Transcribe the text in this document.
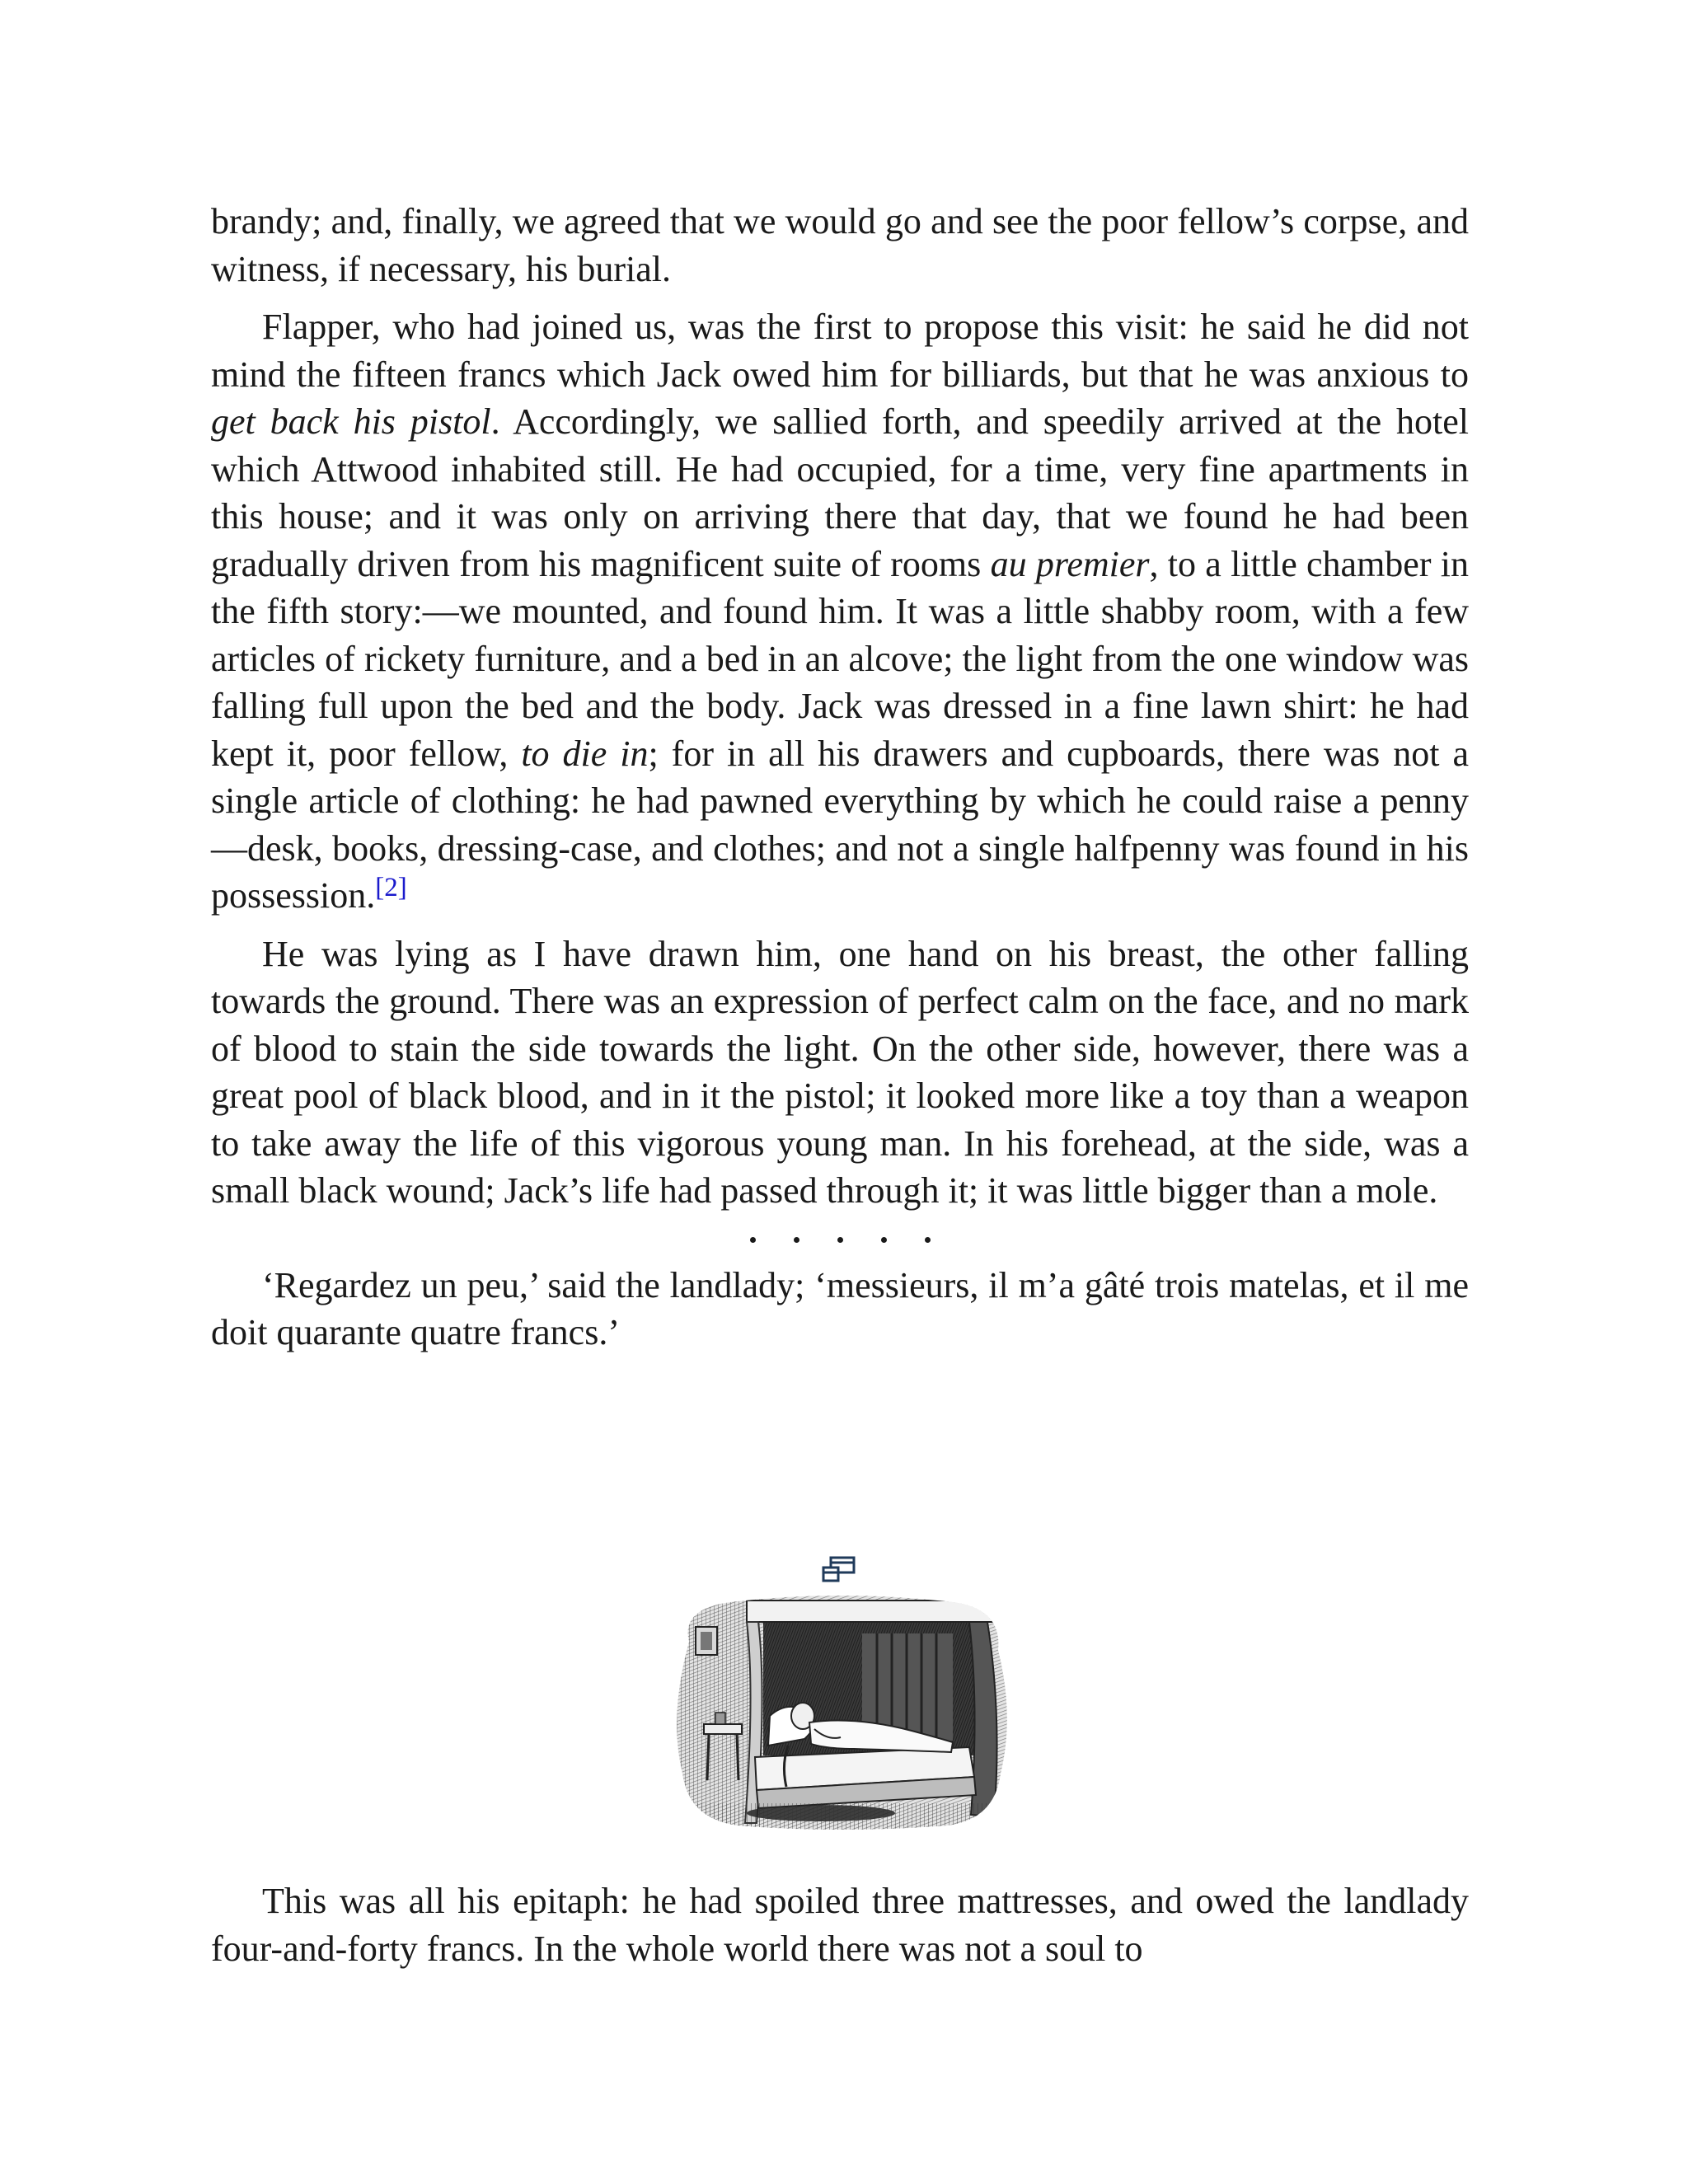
brandy; and, finally, we agreed that we would go and see the poor fellow’s corpse, and witness, if necessary, his burial.

Flapper, who had joined us, was the first to propose this visit: he said he did not mind the fifteen francs which Jack owed him for billiards, but that he was anxious to get back his pistol. Accordingly, we sallied forth, and speedily arrived at the hotel which Attwood inhabited still. He had occupied, for a time, very fine apartments in this house; and it was only on arriving there that day, that we found he had been gradually driven from his magnificent suite of rooms au premier, to a little chamber in the fifth story:—we mounted, and found him. It was a little shabby room, with a few articles of rickety furniture, and a bed in an alcove; the light from the one window was falling full upon the bed and the body. Jack was dressed in a fine lawn shirt: he had kept it, poor fellow, to die in; for in all his drawers and cupboards, there was not a single article of clothing: he had pawned everything by which he could raise a penny—desk, books, dressing-case, and clothes; and not a single halfpenny was found in his possession.[2]

He was lying as I have drawn him, one hand on his breast, the other falling towards the ground. There was an expression of perfect calm on the face, and no mark of blood to stain the side towards the light. On the other side, however, there was a great pool of black blood, and in it the pistol; it looked more like a toy than a weapon to take away the life of this vigorous young man. In his forehead, at the side, was a small black wound; Jack’s life had passed through it; it was little bigger than a mole.

‘Regardez un peu,’ said the landlady; ‘messieurs, il m’a gâté trois matelas, et il me doit quarante quatre francs.’

This was all his epitaph: he had spoiled three mattresses, and owed the landlady four-and-forty francs. In the whole world there was not a soul to
